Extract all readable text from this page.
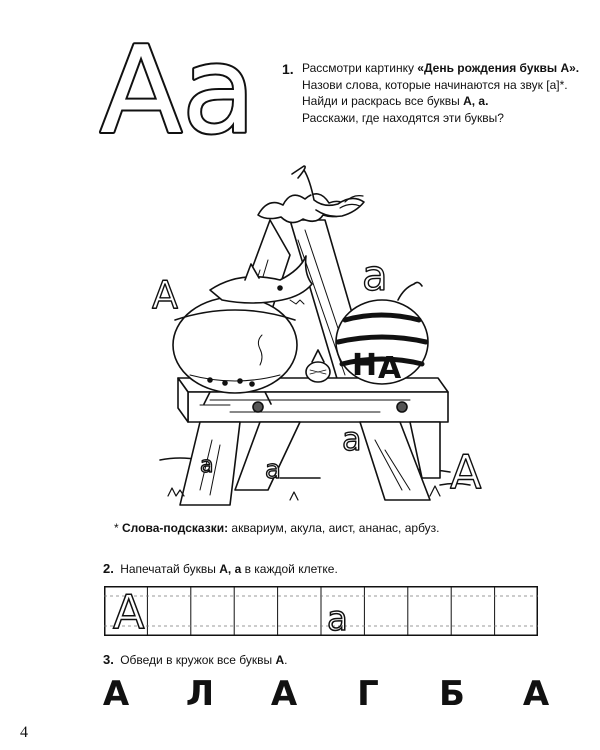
Aa 1. Рассмотри картинку «День рождения буквы А». Назови слова, которые начинаются на звук [а]*.
Найди и раскрась все буквы А, а.
Расскажи, где находятся эти буквы?
А	а
Н А
А
а
а
а
* Слова-подсказки: аквариум, акула, аист, ананас, арбуз.
2. Напечатай буквы А, а в каждой клетке.
А	а
3. Обведи в кружок все буквы А.
А Л А Г Б А
4
